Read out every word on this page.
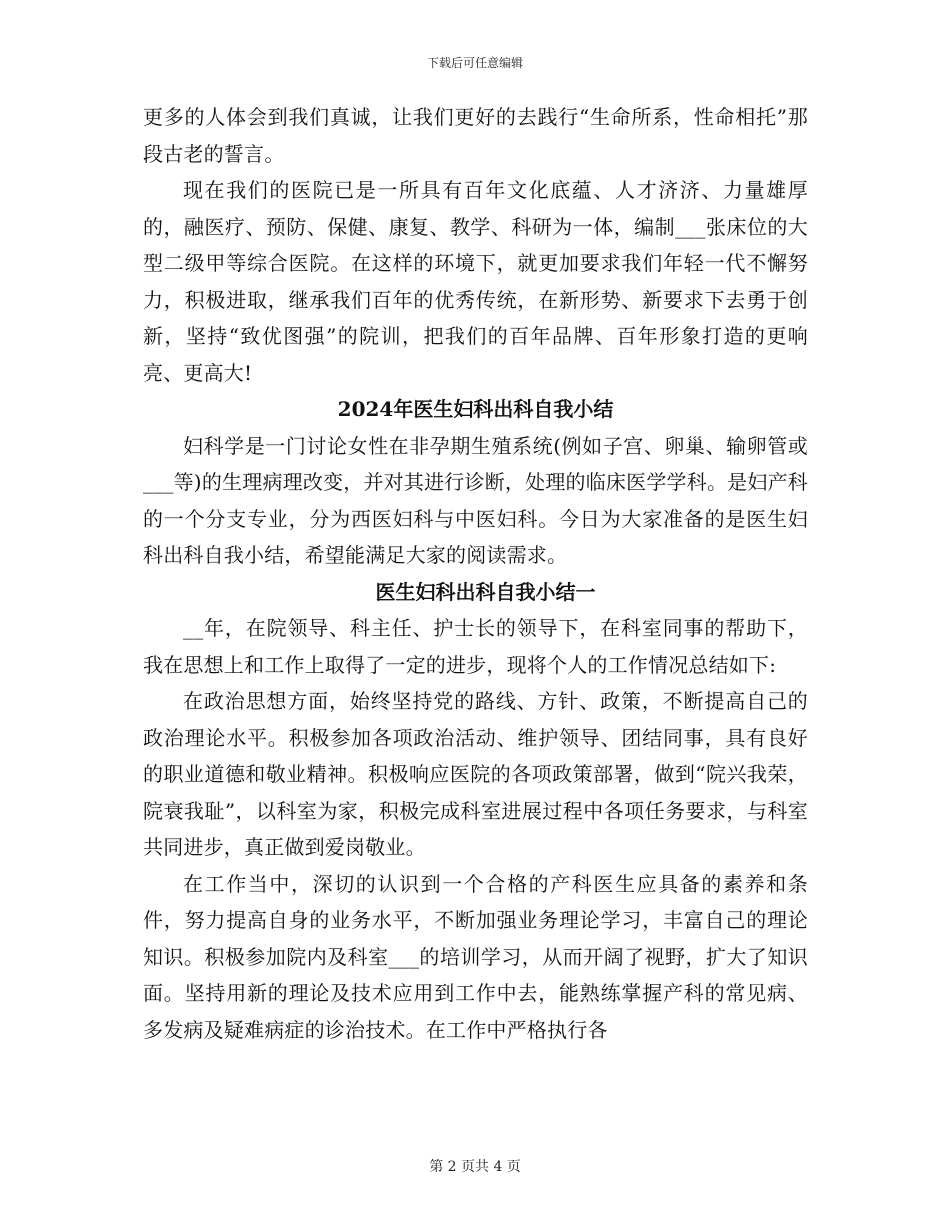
下载后可任意编辑

更多的人体会到我们真诚，让我们更好的去践行“生命所系，性命相托”那段古老的誓言。

现在我们的医院已是一所具有百年文化底蕴、人才济济、力量雄厚的，融医疗、预防、保健、康复、教学、科研为一体，编制___张床位的大型二级甲等综合医院。在这样的环境下，就更加要求我们年轻一代不懈努力，积极进取，继承我们百年的优秀传统，在新形势、新要求下去勇于创新，坚持“致优图强”的院训，把我们的百年品牌、百年形象打造的更响亮、更高大!

2024年医生妇科出科自我小结

妇科学是一门讨论女性在非孕期生殖系统(例如子宫、卵巢、输卵管或___等)的生理病理改变，并对其进行诊断，处理的临床医学学科。是妇产科的一个分支专业，分为西医妇科与中医妇科。今日为大家准备的是医生妇科出科自我小结，希望能满足大家的阅读需求。

医生妇科出科自我小结一

__年，在院领导、科主任、护士长的领导下，在科室同事的帮助下，我在思想上和工作上取得了一定的进步，现将个人的工作情况总结如下:

在政治思想方面，始终坚持党的路线、方针、政策，不断提高自己的政治理论水平。积极参加各项政治活动、维护领导、团结同事，具有良好的职业道德和敬业精神。积极响应医院的各项政策部署，做到“院兴我荣，院衰我耻”，以科室为家，积极完成科室进展过程中各项任务要求，与科室共同进步，真正做到爱岗敬业。

在工作当中，深切的认识到一个合格的产科医生应具备的素养和条件，努力提高自身的业务水平，不断加强业务理论学习，丰富自己的理论知识。积极参加院内及科室___的培训学习，从而开阔了视野，扩大了知识面。坚持用新的理论及技术应用到工作中去，能熟练掌握产科的常见病、多发病及疑难病症的诊治技术。在工作中严格执行各

第 2 页共 4 页
